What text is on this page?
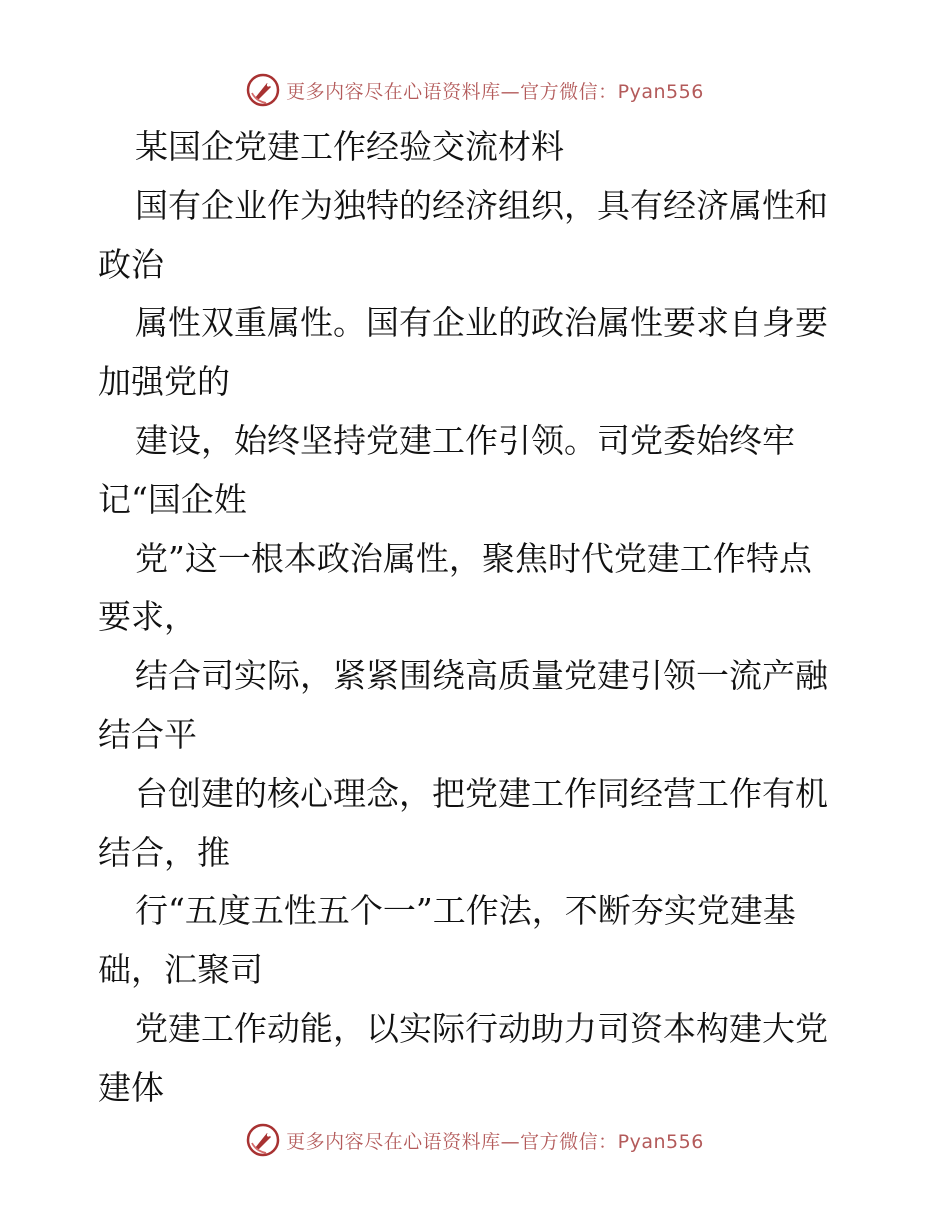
更多内容尽在心语资料库—官方微信：Pyan556
某国企党建工作经验交流材料
国有企业作为独特的经济组织，具有经济属性和
政治
属性双重属性。国有企业的政治属性要求自身要
加强党的
建设，始终坚持党建工作引领。司党委始终牢
记“国企姓
党”这一根本政治属性，聚焦时代党建工作特点
要求，
结合司实际，紧紧围绕高质量党建引领一流产融
结合平
台创建的核心理念，把党建工作同经营工作有机
结合，推
行“五度五性五个一”工作法，不断夯实党建基
础，汇聚司
党建工作动能，以实际行动助力司资本构建大党
建体
更多内容尽在心语资料库—官方微信：Pyan556
